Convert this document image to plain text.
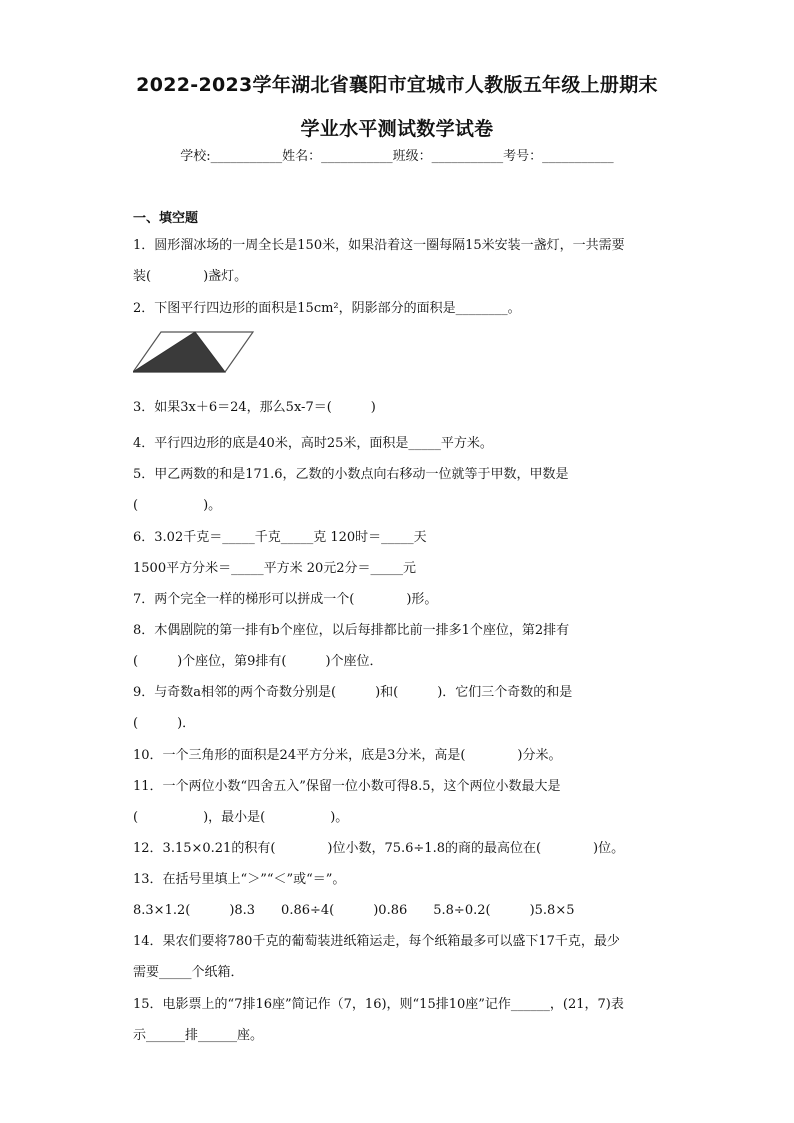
2022-2023学年湖北省襄阳市宜城市人教版五年级上册期末
学业水平测试数学试卷
学校:___________姓名：___________班级：___________考号：___________
一、填空题
1．圆形溜冰场的一周全长是150米，如果沿着这一圈每隔15米安装一盏灯，一共需要
装(　　　　)盏灯。
2．下图平行四边形的面积是15cm²，阴影部分的面积是________。
3．如果3x＋6＝24，那么5x-7＝(　　　)
4．平行四边形的底是40米，高时25米，面积是_____平方米。
5．甲乙两数的和是171.6，乙数的小数点向右移动一位就等于甲数，甲数是
(　　　　　)。
6．3.02千克＝_____千克_____克 120时＝_____天
1500平方分米＝_____平方米 20元2分＝_____元
7．两个完全一样的梯形可以拼成一个(　　　　)形。
8．木偶剧院的第一排有b个座位，以后每排都比前一排多1个座位，第2排有
(　　　)个座位，第9排有(　　　)个座位．
9．与奇数a相邻的两个奇数分别是(　　　)和(　　　)．它们三个奇数的和是
(　　　)．
10．一个三角形的面积是24平方分米，底是3分米，高是(　　　　)分米。
11．一个两位小数“四舍五入”保留一位小数可得8.5，这个两位小数最大是
(　　　　　)，最小是(　　　　　)。
12．3.15×0.21的积有(　　　　)位小数，75.6÷1.8的商的最高位在(　　　　)位。
13．在括号里填上“＞”“＜”或“＝”。
8.3×1.2(　　　)8.3　　0.86÷4(　　　)0.86　　5.8÷0.2(　　　)5.8×5
14．果农们要将780千克的葡萄装进纸箱运走，每个纸箱最多可以盛下17千克，最少
需要_____个纸箱．
15．电影票上的“7排16座”简记作（7，16)，则“15排10座”记作______，(21，7)表
示______排______座。
